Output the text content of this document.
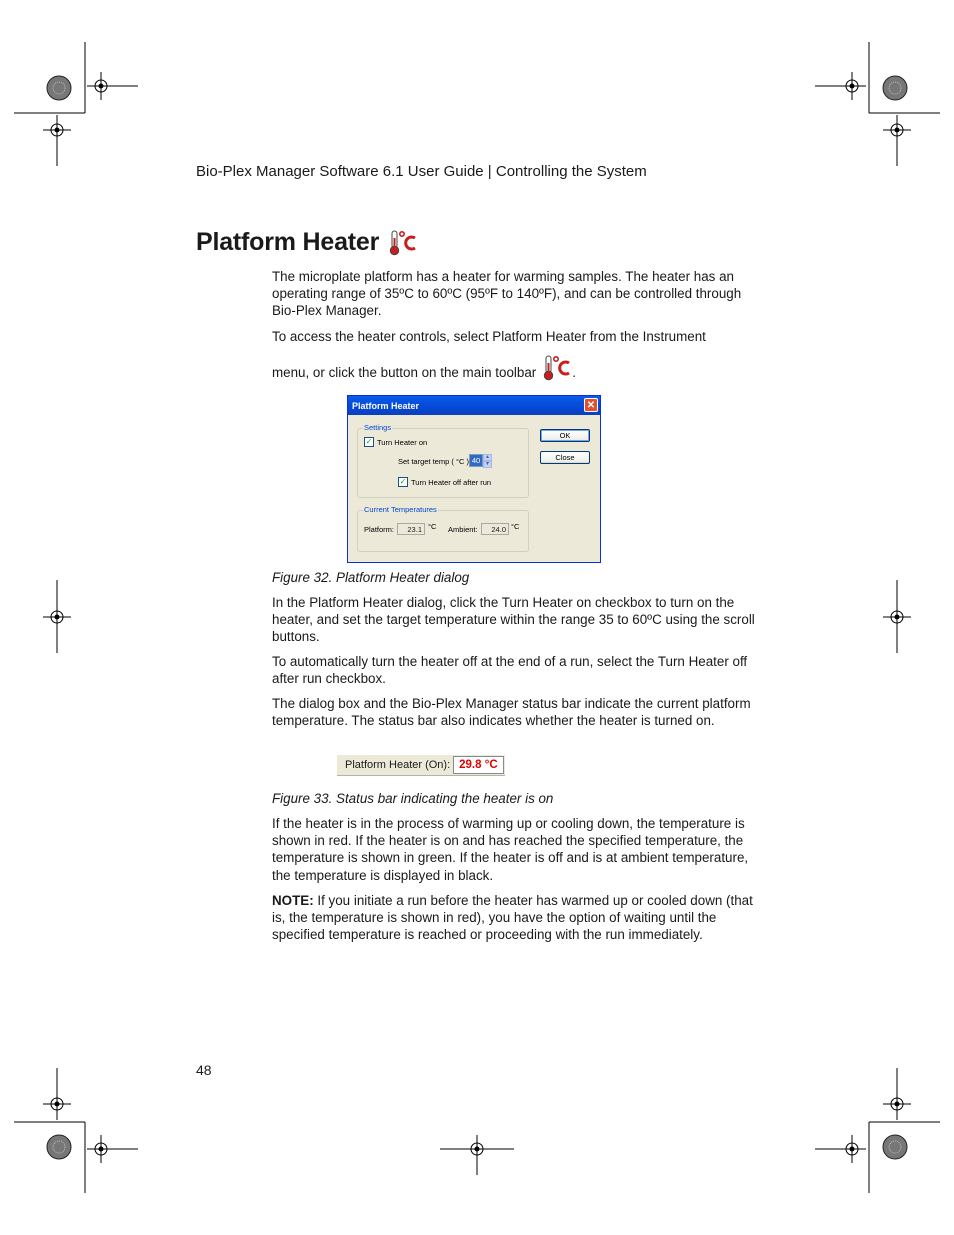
Bio-Plex Manager Software 6.1 User Guide | Controlling the System
Platform Heater

The microplate platform has a heater for warming samples. The heater has an operating range of 35ºC to 60ºC (95ºF to 140ºF), and can be controlled through Bio-Plex Manager.

To access the heater controls, select Platform Heater from the Instrument

menu, or click the button on the main toolbar	.

Platform Heater	✕
Settings
✓ Turn Heater on
Set target temp ( °C ) 40 ▲
▼
✓ Turn Heater off after run
Current Temperatures
Platform:	23.1 °C Ambient:	24.0 °C
OK
Close

Figure 32. Platform Heater dialog

In the Platform Heater dialog, click the Turn Heater on checkbox to turn on the heater, and set the target temperature within the range 35 to 60ºC using the scroll buttons.

To automatically turn the heater off at the end of a run, select the Turn Heater off after run checkbox.

The dialog box and the Bio-Plex Manager status bar indicate the current platform temperature. The status bar also indicates whether the heater is turned on.

Platform Heater (On): 29.8 °C

Figure 33. Status bar indicating the heater is on

If the heater is in the process of warming up or cooling down, the temperature is shown in red. If the heater is on and has reached the specified temperature, the temperature is shown in green. If the heater is off and is at ambient temperature, the temperature is displayed in black.

NOTE: If you initiate a run before the heater has warmed up or cooled down (that is, the temperature is shown in red), you have the option of waiting until the specified temperature is reached or proceeding with the run immediately.

48
